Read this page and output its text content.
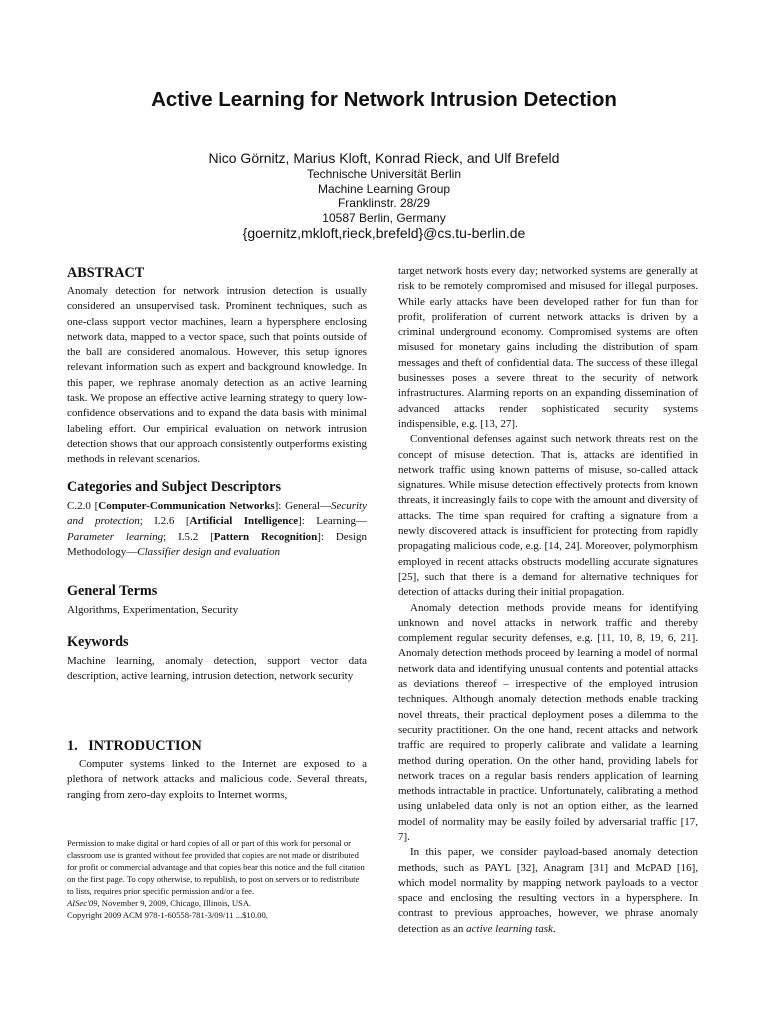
Active Learning for Network Intrusion Detection
Nico Görnitz, Marius Kloft, Konrad Rieck, and Ulf Brefeld
Technische Universität Berlin
Machine Learning Group
Franklinstr. 28/29
10587 Berlin, Germany
{goernitz,mkloft,rieck,brefeld}@cs.tu-berlin.de
ABSTRACT

Anomaly detection for network intrusion detection is usually considered an unsupervised task. Prominent techniques, such as one-class support vector machines, learn a hypersphere enclosing network data, mapped to a vector space, such that points outside of the ball are considered anomalous. However, this setup ignores relevant information such as expert and background knowledge. In this paper, we rephrase anomaly detection as an active learning task. We propose an effective active learning strategy to query low-confidence observations and to expand the data basis with minimal labeling effort. Our empirical evaluation on network intrusion detection shows that our approach consistently outperforms existing methods in relevant scenarios.

Categories and Subject Descriptors

C.2.0 [Computer-Communication Networks]: General—Security and protection; I.2.6 [Artificial Intelligence]: Learning—Parameter learning; I.5.2 [Pattern Recognition]: Design Methodology—Classifier design and evaluation

General Terms

Algorithms, Experimentation, Security

Keywords

Machine learning, anomaly detection, support vector data description, active learning, intrusion detection, network security

1.   INTRODUCTION

Computer systems linked to the Internet are exposed to a plethora of network attacks and malicious code. Several threats, ranging from zero-day exploits to Internet worms,

Permission to make digital or hard copies of all or part of this work for personal or classroom use is granted without fee provided that copies are not made or distributed for profit or commercial advantage and that copies bear this notice and the full citation on the first page. To copy otherwise, to republish, to post on servers or to redistribute to lists, requires prior specific permission and/or a fee.

AISec'09, November 9, 2009, Chicago, Illinois, USA.

Copyright 2009 ACM 978-1-60558-781-3/09/11 ...$10.00.

target network hosts every day; networked systems are generally at risk to be remotely compromised and misused for illegal purposes. While early attacks have been developed rather for fun than for profit, proliferation of current network attacks is driven by a criminal underground economy. Compromised systems are often misused for monetary gains including the distribution of spam messages and theft of confidential data. The success of these illegal businesses poses a severe threat to the security of network infrastructures. Alarming reports on an expanding dissemination of advanced attacks render sophisticated security systems indispensible, e.g. [13, 27].

Conventional defenses against such network threats rest on the concept of misuse detection. That is, attacks are identified in network traffic using known patterns of misuse, so-called attack signatures. While misuse detection effectively protects from known threats, it increasingly fails to cope with the amount and diversity of attacks. The time span required for crafting a signature from a newly discovered attack is insufficient for protecting from rapidly propagating malicious code, e.g. [14, 24]. Moreover, polymorphism employed in recent attacks obstructs modelling accurate signatures [25], such that there is a demand for alternative techniques for detection of attacks during their initial propagation.

Anomaly detection methods provide means for identifying unknown and novel attacks in network traffic and thereby complement regular security defenses, e.g. [11, 10, 8, 19, 6, 21]. Anomaly detection methods proceed by learning a model of normal network data and identifying unusual contents and potential attacks as deviations thereof – irrespective of the employed intrusion techniques. Although anomaly detection methods enable tracking novel threats, their practical deployment poses a dilemma to the security practitioner. On the one hand, recent attacks and network traffic are required to properly calibrate and validate a learning method during operation. On the other hand, providing labels for network traces on a regular basis renders application of learning methods intractable in practice. Unfortunately, calibrating a method using unlabeled data only is not an option either, as the learned model of normality may be easily foiled by adversarial traffic [17, 7].

In this paper, we consider payload-based anomaly detection methods, such as PAYL [32], Anagram [31] and McPAD [16], which model normality by mapping network payloads to a vector space and enclosing the resulting vectors in a hypersphere. In contrast to previous approaches, however, we phrase anomaly detection as an active learning task.
